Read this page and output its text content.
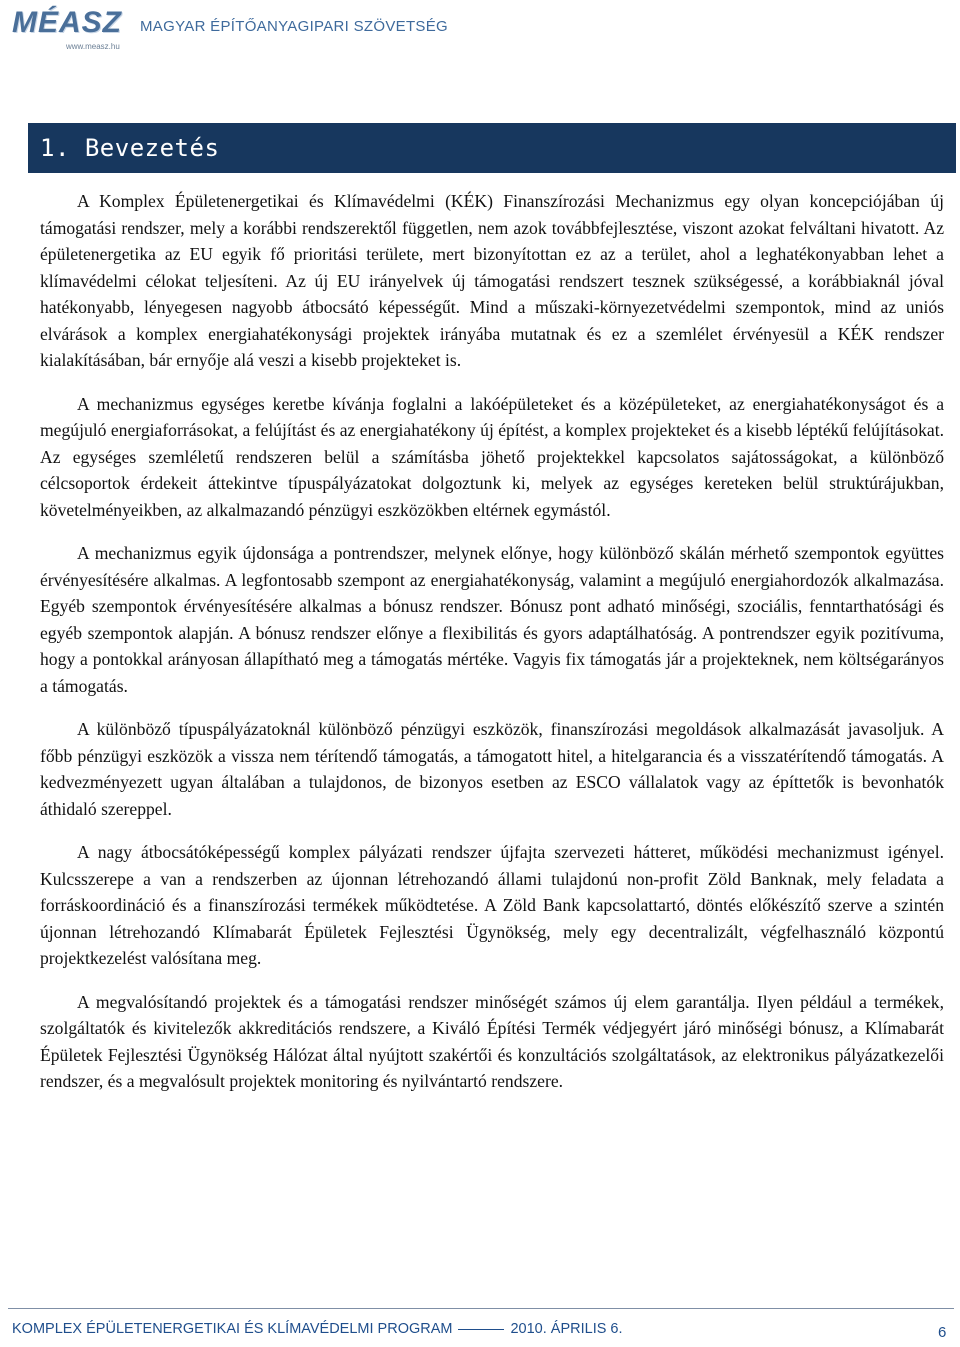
MÉASZ
www.measz.hu
MAGYAR ÉPÍTŐANYAGIPARI SZÖVETSÉG
1. Bevezetés

A Komplex Épületenergetikai és Klímavédelmi (KÉK) Finanszírozási Mechanizmus egy olyan koncepciójában új támogatási rendszer, mely a korábbi rendszerektől független, nem azok továbbfejlesztése, viszont azokat felváltani hivatott. Az épületenergetika az EU egyik fő prioritási területe, mert bizonyítottan ez az a terület, ahol a leghatékonyabban lehet a klímavédelmi célokat teljesíteni. Az új EU irányelvek új támogatási rendszert tesznek szükségessé, a korábbiaknál jóval hatékonyabb, lényegesen nagyobb átbocsátó képességűt. Mind a műszaki-környezetvédelmi szempontok, mind az uniós elvárások a komplex energiahatékonysági projektek irányába mutatnak és ez a szemlélet érvényesül a KÉK rendszer kialakításában, bár ernyője alá veszi a kisebb projekteket is.

A mechanizmus egységes keretbe kívánja foglalni a lakóépületeket és a középületeket, az energiahatékonyságot és a megújuló energiaforrásokat, a felújítást és az energiahatékony új építést, a komplex projekteket és a kisebb léptékű felújításokat. Az egységes szemléletű rendszeren belül a számításba jöhető projektekkel kapcsolatos sajátosságokat, a különböző célcsoportok érdekeit áttekintve típuspályázatokat dolgoztunk ki, melyek az egységes kereteken belül struktúrájukban, követelményeikben, az alkalmazandó pénzügyi eszközökben eltérnek egymástól.

A mechanizmus egyik újdonsága a pontrendszer, melynek előnye, hogy különböző skálán mérhető szempontok együttes érvényesítésére alkalmas. A legfontosabb szempont az energiahatékonyság, valamint a megújuló energiahordozók alkalmazása. Egyéb szempontok érvényesítésére alkalmas a bónusz rendszer. Bónusz pont adható minőségi, szociális, fenntarthatósági és egyéb szempontok alapján. A bónusz rendszer előnye a flexibilitás és gyors adaptálhatóság. A pontrendszer egyik pozitívuma, hogy a pontokkal arányosan állapítható meg a támogatás mértéke. Vagyis fix támogatás jár a projekteknek, nem költségarányos a támogatás.

A különböző típuspályázatoknál különböző pénzügyi eszközök, finanszírozási megoldások alkalmazását javasoljuk. A főbb pénzügyi eszközök a vissza nem térítendő támogatás, a támogatott hitel, a hitelgarancia és a visszatérítendő támogatás. A kedvezményezett ugyan általában a tulajdonos, de bizonyos esetben az ESCO vállalatok vagy az építtetők is bevonhatók áthidaló szereppel.

A nagy átbocsátóképességű komplex pályázati rendszer újfajta szervezeti hátteret, működési mechanizmust igényel. Kulcsszerepe a van a rendszerben az újonnan létrehozandó állami tulajdonú non-profit Zöld Banknak, mely feladata a forráskoordináció és a finanszírozási termékek működtetése. A Zöld Bank kapcsolattartó, döntés előkészítő szerve a szintén újonnan létrehozandó Klímabarát Épületek Fejlesztési Ügynökség, mely egy decentralizált, végfelhasználó központú projektkezelést valósítana meg.

A megvalósítandó projektek és a támogatási rendszer minőségét számos új elem garantálja. Ilyen például a termékek, szolgáltatók és kivitelezők akkreditációs rendszere, a Kiváló Építési Termék védjegyért járó minőségi bónusz, a Klímabarát Épületek Fejlesztési Ügynökség Hálózat által nyújtott szakértői és konzultációs szolgáltatások, az elektronikus pályázatkezelői rendszer, és a megvalósult projektek monitoring és nyilvántartó rendszere.

KOMPLEX ÉPÜLETENERGETIKAI ÉS KLÍMAVÉDELMI PROGRAM	2010. ÁPRILIS 6.	6
